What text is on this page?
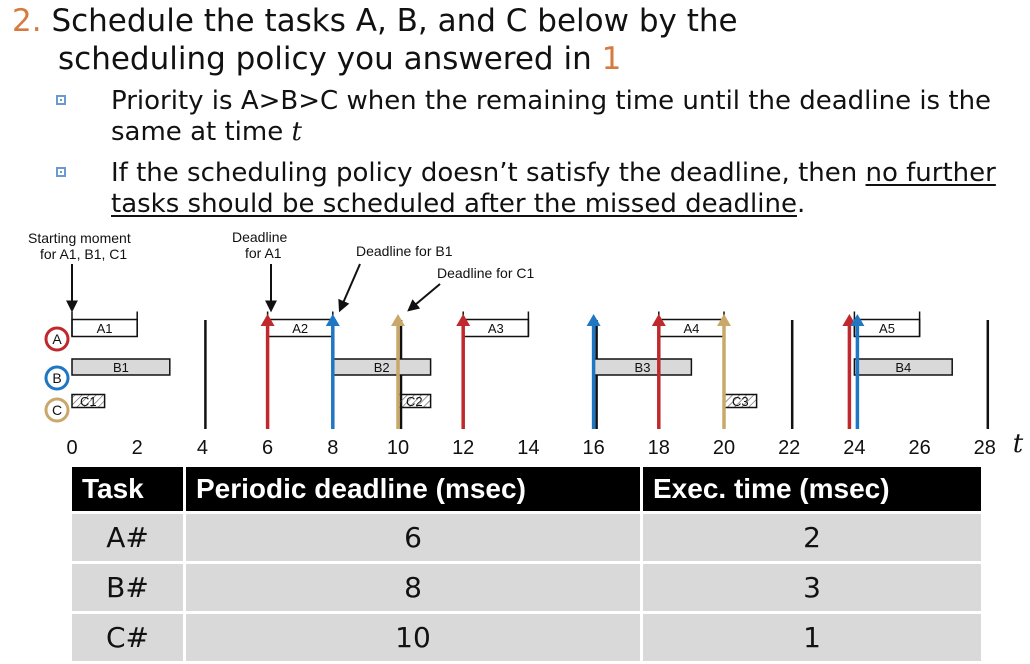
2. Schedule the tasks A, B, and C below by the
scheduling policy you answered in 1
Priority is A>B>C when the remaining time until the deadline is the same at time t
If the scheduling policy doesn’t satisfy the deadline, then no further tasks should be scheduled after the missed deadline.
Starting moment
for A1, B1, C1
Deadline
for A1	Deadline for B1
Deadline for C1
A
B
C
A1	A2	A3	A4	A5
B1	B2	B3	B4
C1	C2	C3
0	2	4	6	8 10 12 14 16 18 20 22 24 26 28 t
Task	Periodic deadline (msec)	Exec. time (msec)
A#	6	2
B#	8	3
C#	10	1
